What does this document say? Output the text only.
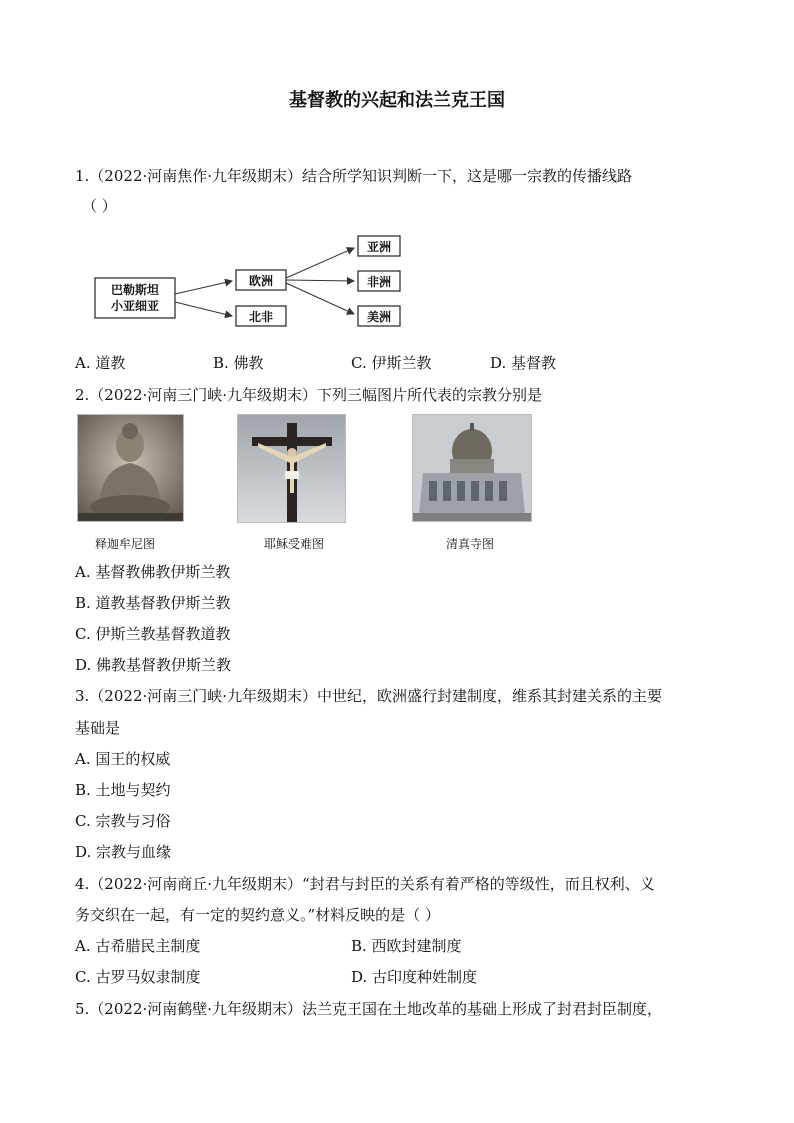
基督教的兴起和法兰克王国
1.（2022·河南焦作·九年级期末）结合所学知识判断一下，这是哪一宗教的传播线路
（ ）
巴勒斯坦
小亚细亚
欧洲
北非
亚洲
非洲
美洲
A. 道教	B. 佛教	C. 伊斯兰教	D. 基督教
2.（2022·河南三门峡·九年级期末）下列三幅图片所代表的宗教分别是
释迦牟尼图	耶稣受难图	清真寺图
A. 基督教佛教伊斯兰教
B. 道教基督教伊斯兰教
C. 伊斯兰教基督教道教
D. 佛教基督教伊斯兰教
3.（2022·河南三门峡·九年级期末）中世纪，欧洲盛行封建制度，维系其封建关系的主要
基础是
A. 国王的权威
B. 土地与契约
C. 宗教与习俗
D. 宗教与血缘
4.（2022·河南商丘·九年级期末）“封君与封臣的关系有着严格的等级性，而且权利、义
务交织在一起，有一定的契约意义。”材料反映的是（ ）
A. 古希腊民主制度	B. 西欧封建制度
C. 古罗马奴隶制度	D. 古印度种姓制度
5.（2022·河南鹤壁·九年级期末）法兰克王国在土地改革的基础上形成了封君封臣制度，
